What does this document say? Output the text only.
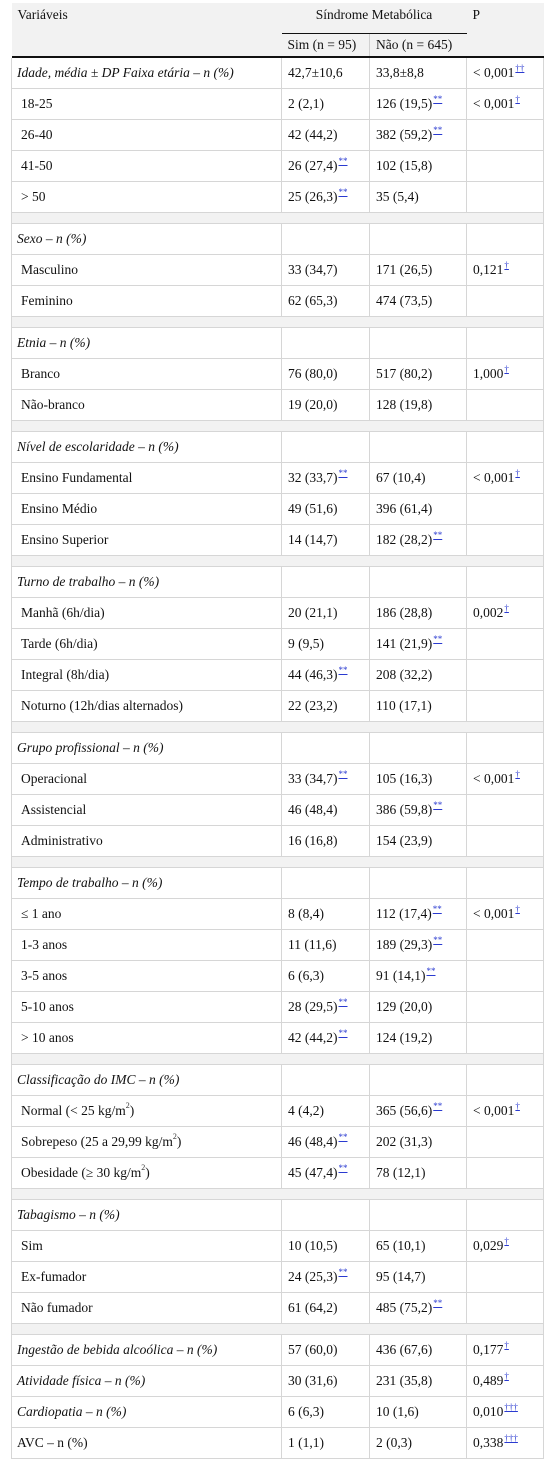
Variáveis	Síndrome Metabólica		P
	Sim (n = 95)	Não (n = 645)	

Idade, média ± DP Faixa etária – n (%)	42,7±10,6	33,8±8,8	< 0,001††
18-25	2 (2,1)	126 (19,5)**	< 0,001†
26-40	42 (44,2)	382 (59,2)**	
41-50	26 (27,4)**	102 (15,8)	
> 50	25 (26,3)**	35 (5,4)	

Sexo – n (%)			
Masculino	33 (34,7)	171 (26,5)	0,121†
Feminino	62 (65,3)	474 (73,5)	

Etnia – n (%)			
Branco	76 (80,0)	517 (80,2)	1,000†
Não-branco	19 (20,0)	128 (19,8)	

Nível de escolaridade – n (%)			
Ensino Fundamental	32 (33,7)**	67 (10,4)	< 0,001†
Ensino Médio	49 (51,6)	396 (61,4)	
Ensino Superior	14 (14,7)	182 (28,2)**	

Turno de trabalho – n (%)			
Manhã (6h/dia)	20 (21,1)	186 (28,8)	0,002†
Tarde (6h/dia)	9 (9,5)	141 (21,9)**	
Integral (8h/dia)	44 (46,3)**	208 (32,2)	
Noturno (12h/dias alternados)	22 (23,2)	110 (17,1)	

Grupo profissional – n (%)			
Operacional	33 (34,7)**	105 (16,3)	< 0,001†
Assistencial	46 (48,4)	386 (59,8)**	
Administrativo	16 (16,8)	154 (23,9)	

Tempo de trabalho – n (%)			
≤ 1 ano	8 (8,4)	112 (17,4)**	< 0,001†
1-3 anos	11 (11,6)	189 (29,3)**	
3-5 anos	6 (6,3)	91 (14,1)**	
5-10 anos	28 (29,5)**	129 (20,0)	
> 10 anos	42 (44,2)**	124 (19,2)	

Classificação do IMC – n (%)			
Normal (< 25 $kg/m^2$)	4 (4,2)	365 (56,6)**	< 0,001†
Sobrepeso (25 a 29,99 $kg/m^2$)	46 (48,4)**	202 (31,3)	
Obesidade (≥ 30 $kg/m^2$)	45 (47,4)**	78 (12,1)	

Tabagismo – n (%)			
Sim	10 (10,5)	65 (10,1)	0,029†
Ex-fumador	24 (25,3)**	95 (14,7)	
Não fumador	61 (64,2)	485 (75,2)**	

Ingestão de bebida alcoólica – n (%)	57 (60,0)	436 (67,6)	0,177†
Atividade física – n (%)	30 (31,6)	231 (35,8)	0,489†
Cardiopatia – n (%)	6 (6,3)	10 (1,6)	0,010†††
AVC – n (%)	1 (1,1)	2 (0,3)	0,338†††
